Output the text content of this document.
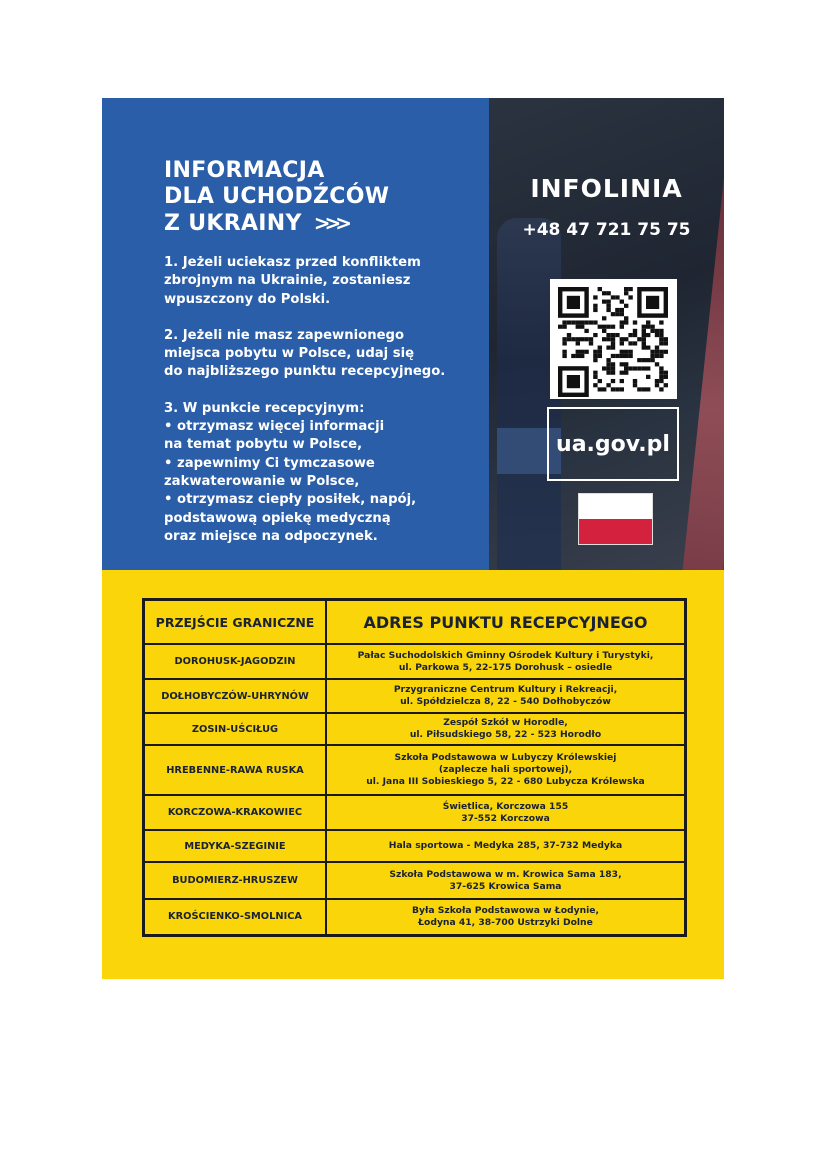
INFORMACJA
DLA UCHODŹCÓW
Z UKRAINY >>>

1. Jeżeli uciekasz przed konfliktem
zbrojnym na Ukrainie, zostaniesz
wpuszczony do Polski.

2. Jeżeli nie masz zapewnionego
miejsca pobytu w Polsce, udaj się
do najbliższego punktu recepcyjnego.

3. W punkcie recepcyjnym:
• otrzymasz więcej informacji
na temat pobytu w Polsce,
• zapewnimy Ci tymczasowe
zakwaterowanie w Polsce,
• otrzymasz ciepły posiłek, napój,
podstawową opiekę medyczną
oraz miejsce na odpoczynek.

INFOLINIA
+48 47 721 75 75
ua.gov.pl
PRZEJŚCIE GRANICZNE	ADRES PUNKTU RECEPCYJNEGO
DOROHUSK-JAGODZIN	Pałac Suchodolskich Gminny Ośrodek Kultury i Turystyki,
ul. Parkowa 5, 22-175 Dorohusk – osiedle

DOŁHOBYCZÓW-UHRYNÓW	Przygraniczne Centrum Kultury i Rekreacji,
ul. Spółdzielcza 8, 22 - 540 Dołhobyczów

ZOSIN-UŚCIŁUG	Zespół Szkół w Horodle,
ul. Piłsudskiego 58, 22 - 523 Horodło

HREBENNE-RAWA RUSKA	Szkoła Podstawowa w Lubyczy Królewskiej
(zaplecze hali sportowej),
ul. Jana III Sobieskiego 5, 22 - 680 Lubycza Królewska

KORCZOWA-KRAKOWIEC	Świetlica, Korczowa 155
37-552 Korczowa

MEDYKA-SZEGINIE	Hala sportowa - Medyka 285, 37-732 Medyka

BUDOMIERZ-HRUSZEW	Szkoła Podstawowa w m. Krowica Sama 183,
37-625 Krowica Sama

KROŚCIENKO-SMOLNICA	Była Szkoła Podstawowa w Łodynie,
Łodyna 41, 38-700 Ustrzyki Dolne
